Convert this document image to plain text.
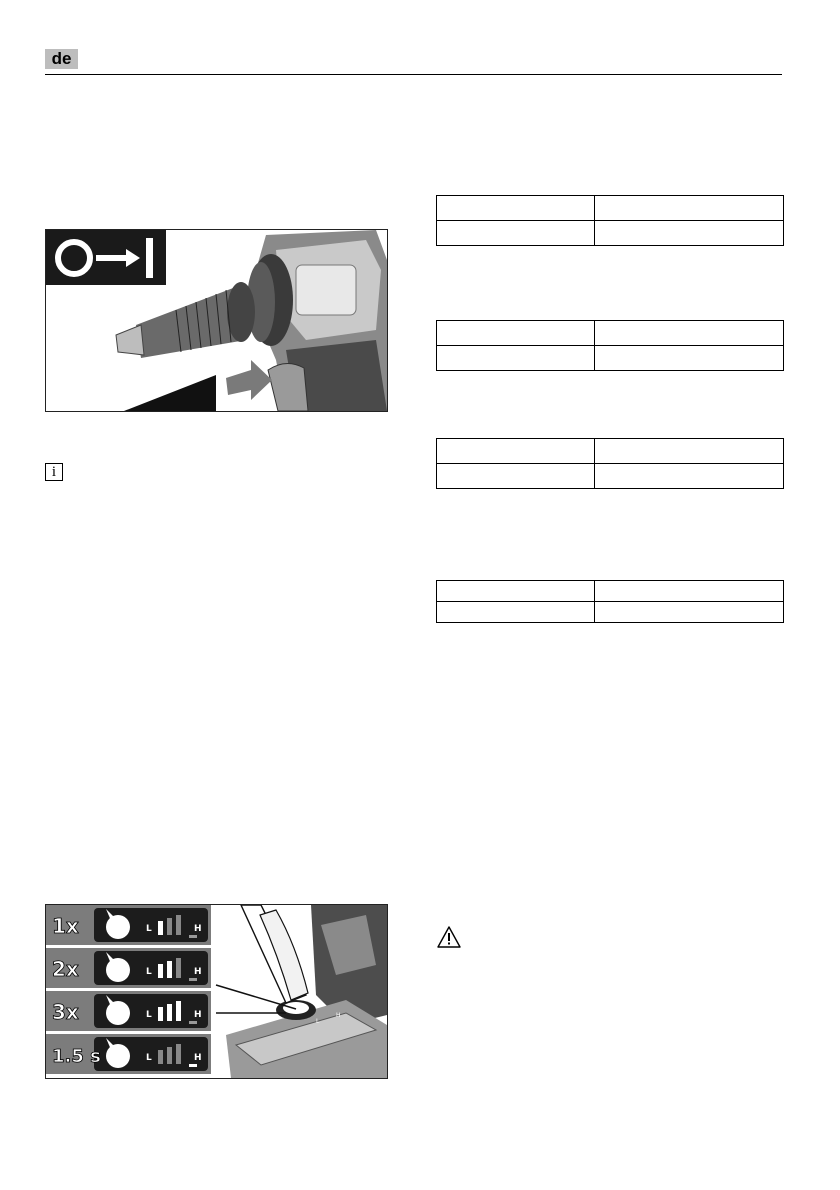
de
i

L
H
1x	L	H
2x	L	H
3x	L	H
1.5 s	L	H
